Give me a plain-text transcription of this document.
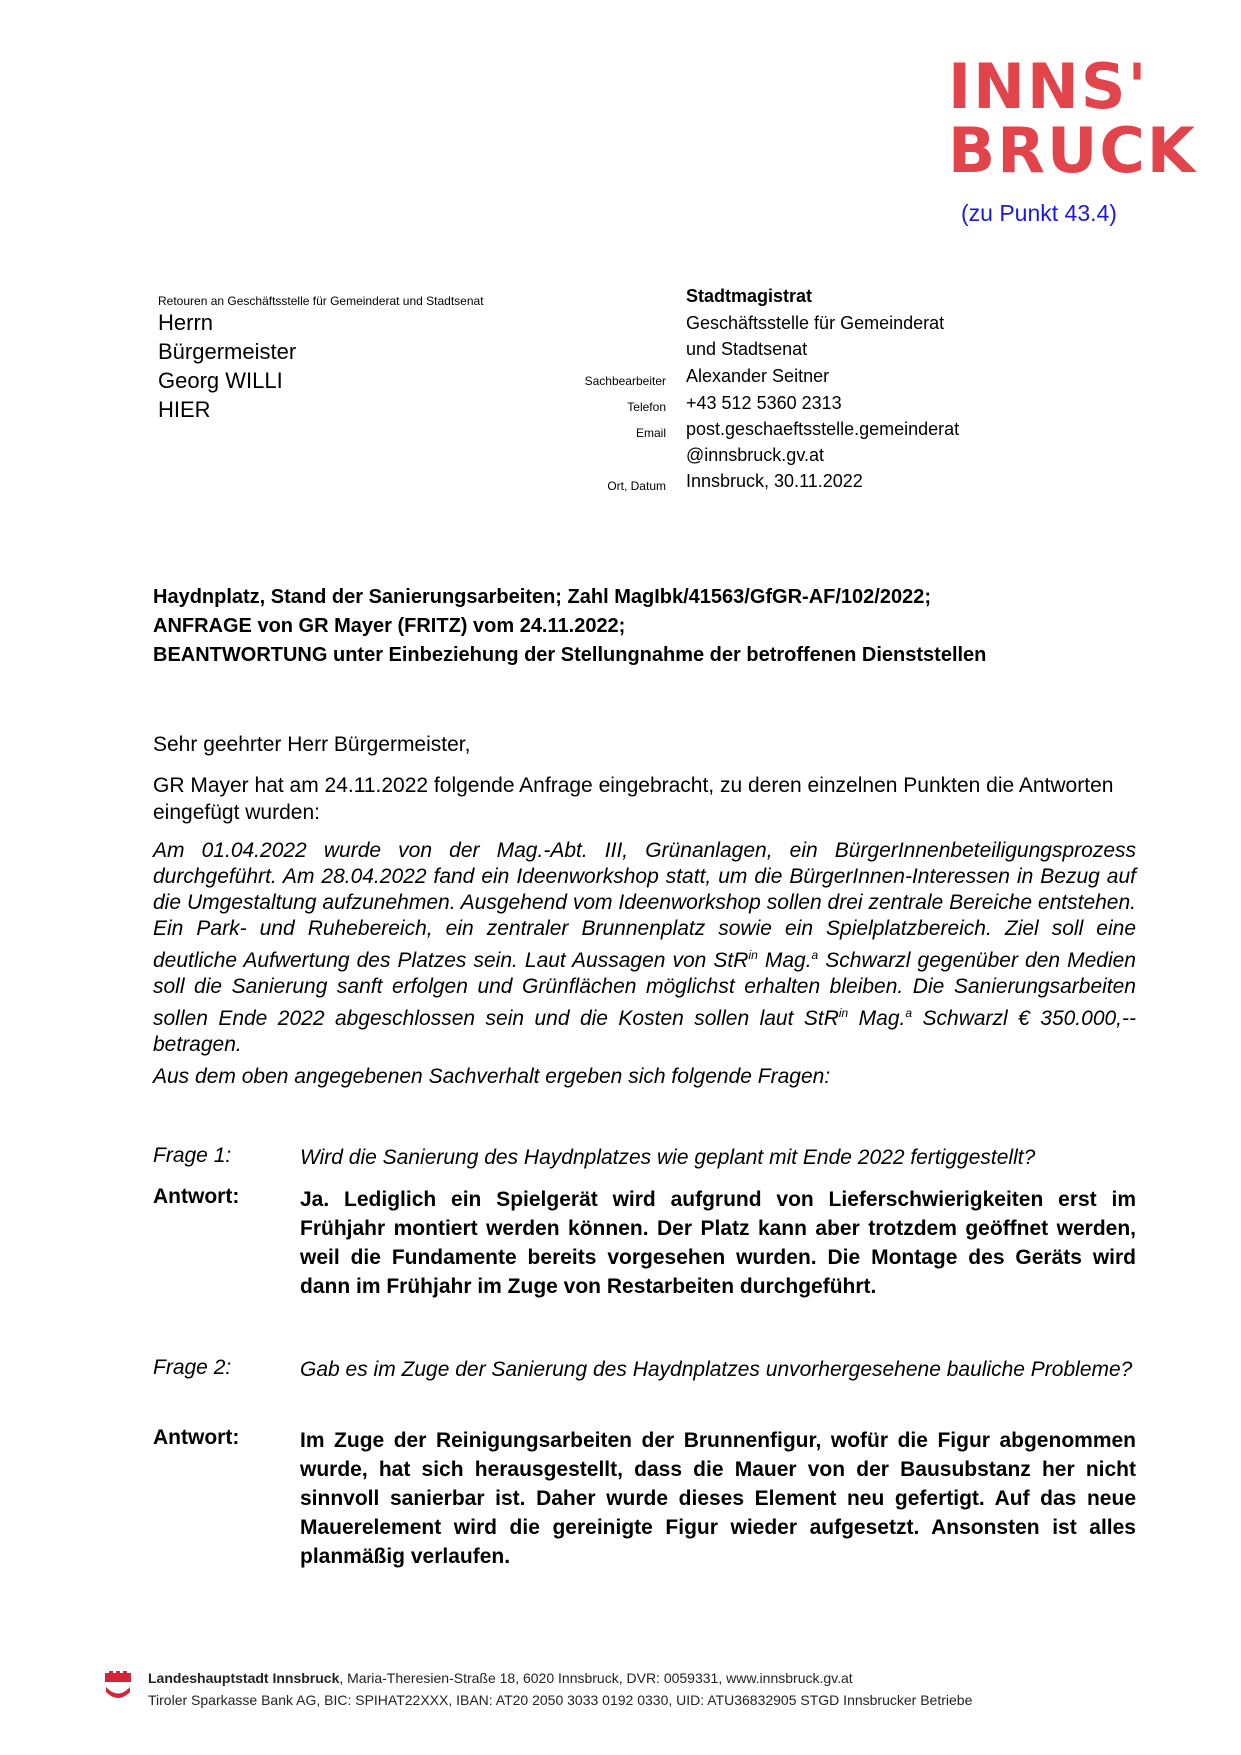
INNS'
BRUCK
(zu Punkt 43.4)
Retouren an Geschäftsstelle für Gemeinderat und Stadtsenat
Herrn
Bürgermeister
Georg WILLI
HIER
Stadtmagistrat
Geschäftsstelle für Gemeinderat
und Stadtsenat
Sachbearbeiter Alexander Seitner
Telefon +43 512 5360 2313
Email post.geschaeftsstelle.gemeinderat
@innsbruck.gv.at
Ort, Datum Innsbruck, 30.11.2022
Haydnplatz, Stand der Sanierungsarbeiten; Zahl MagIbk/41563/GfGR-AF/102/2022;
ANFRAGE von GR Mayer (FRITZ) vom 24.11.2022;
BEANTWORTUNG unter Einbeziehung der Stellungnahme der betroffenen Dienststellen
Sehr geehrter Herr Bürgermeister,
GR Mayer hat am 24.11.2022 folgende Anfrage eingebracht, zu deren einzelnen Punkten die Antworten eingefügt wurden:
Am 01.04.2022 wurde von der Mag.-Abt. III, Grünanlagen, ein BürgerInnenbeteiligungsprozess durchgeführt. Am 28.04.2022 fand ein Ideenworkshop statt, um die BürgerInnen-Interessen in Bezug auf die Umgestaltung aufzunehmen. Ausgehend vom Ideenworkshop sollen drei zentrale Bereiche entstehen. Ein Park- und Ruhebereich, ein zentraler Brunnenplatz sowie ein Spielplatzbereich. Ziel soll eine deutliche Aufwertung des Platzes sein. Laut Aussagen von StR$^{in}$ Mag.$^a$ Schwarzl gegenüber den Medien soll die Sanierung sanft erfolgen und Grünflächen möglichst erhalten bleiben. Die Sanierungsarbeiten sollen Ende 2022 abgeschlossen sein und die Kosten sollen laut StR$^{in}$ Mag.$^a$ Schwarzl € 350.000,-- betragen.
Aus dem oben angegebenen Sachverhalt ergeben sich folgende Fragen:
Frage 1:	Wird die Sanierung des Haydnplatzes wie geplant mit Ende 2022 fertiggestellt?
Antwort:	Ja. Lediglich ein Spielgerät wird aufgrund von Lieferschwierigkeiten erst im Frühjahr montiert werden können. Der Platz kann aber trotzdem geöffnet werden, weil die Fundamente bereits vorgesehen wurden. Die Montage des Geräts wird dann im Frühjahr im Zuge von Restarbeiten durchgeführt.
Frage 2:	Gab es im Zuge der Sanierung des Haydnplatzes unvorhergesehene bauliche Probleme?
Antwort:	Im Zuge der Reinigungsarbeiten der Brunnenfigur, wofür die Figur abgenommen wurde, hat sich herausgestellt, dass die Mauer von der Bausubstanz her nicht sinnvoll sanierbar ist. Daher wurde dieses Element neu gefertigt. Auf das neue Mauerelement wird die gereinigte Figur wieder aufgesetzt. Ansonsten ist alles planmäßig verlaufen.
Landeshauptstadt Innsbruck, Maria-Theresien-Straße 18, 6020 Innsbruck, DVR: 0059331, www.innsbruck.gv.at
Tiroler Sparkasse Bank AG, BIC: SPIHAT22XXX, IBAN: AT20 2050 3033 0192 0330, UID: ATU36832905 STGD Innsbrucker Betriebe
